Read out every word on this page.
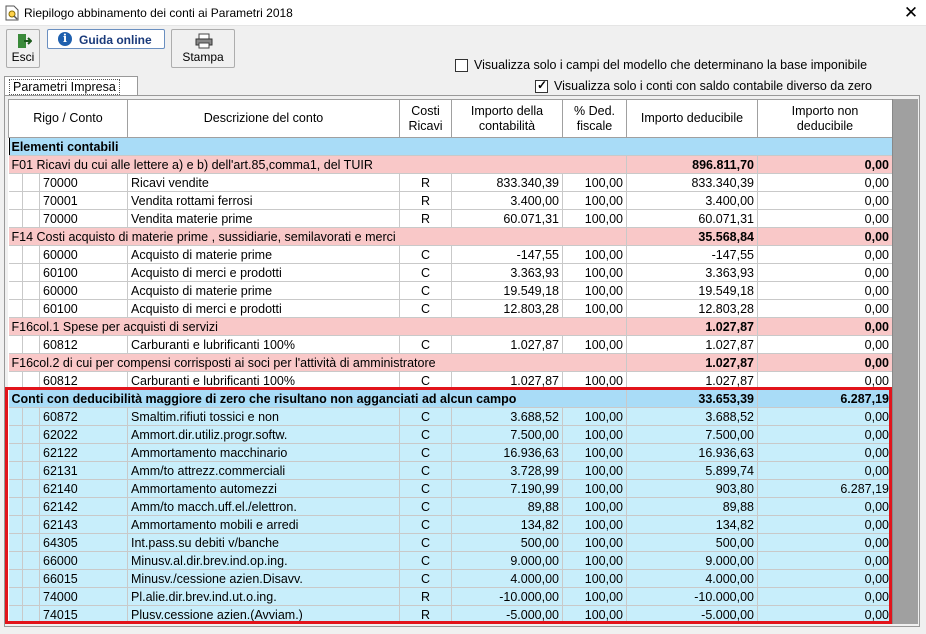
Riepilogo abbinamento dei conti ai Parametri 2018	✕
Esci
i Guida online
Stampa
Visualizza solo i campi del modello che determinano la base imponibile
✓ Visualizza solo i conti con saldo contabile diverso da zero
Parametri Impresa
Rigo / Conto			Descrizione del conto	Costi
Ricavi	Importo della
contabilità	% Ded.
fiscale	Importo deducibile	Importo non
deducibile
Elementi contabili								
F01 Ricavi du cui alle lettere a) e b) dell'art.85,comma1, del TUIR							896.811,70	0,00
		70000	Ricavi vendite	R	833.340,39	100,00	833.340,39	0,00
		70001	Vendita rottami ferrosi	R	3.400,00	100,00	3.400,00	0,00
		70000	Vendita materie prime	R	60.071,31	100,00	60.071,31	0,00
F14 Costi acquisto di materie prime , sussidiarie, semilavorati e merci							35.568,84	0,00
		60000	Acquisto di materie prime	C	-147,55	100,00	-147,55	0,00
		60100	Acquisto di merci e prodotti	C	3.363,93	100,00	3.363,93	0,00
		60000	Acquisto di materie prime	C	19.549,18	100,00	19.549,18	0,00
		60100	Acquisto di merci e prodotti	C	12.803,28	100,00	12.803,28	0,00
F16col.1 Spese per acquisti di servizi							1.027,87	0,00
		60812	Carburanti e lubrificanti 100%	C	1.027,87	100,00	1.027,87	0,00
F16col.2 di cui per compensi corrisposti ai soci per l'attività di amministratore							1.027,87	0,00
		60812	Carburanti e lubrificanti 100%	C	1.027,87	100,00	1.027,87	0,00
Conti con deducibilità maggiore di zero che risultano non agganciati ad alcun campo							33.653,39	6.287,19
		60872	Smaltim.rifiuti tossici e non	C	3.688,52	100,00	3.688,52	0,00
		62022	Ammort.dir.utiliz.progr.softw.	C	7.500,00	100,00	7.500,00	0,00
		62122	Ammortamento macchinario	C	16.936,63	100,00	16.936,63	0,00
		62131	Amm/to attrezz.commerciali	C	3.728,99	100,00	5.899,74	0,00
		62140	Ammortamento automezzi	C	7.190,99	100,00	903,80	6.287,19
		62142	Amm/to macch.uff.el./elettron.	C	89,88	100,00	89,88	0,00
		62143	Ammortamento mobili e arredi	C	134,82	100,00	134,82	0,00
		64305	Int.pass.su debiti v/banche	C	500,00	100,00	500,00	0,00
		66000	Minusv.al.dir.brev.ind.op.ing.	C	9.000,00	100,00	9.000,00	0,00
		66015	Minusv./cessione azien.Disavv.	C	4.000,00	100,00	4.000,00	0,00
		74000	Pl.alie.dir.brev.ind.ut.o.ing.	R	-10.000,00	100,00	-10.000,00	0,00
		74015	Plusv.cessione azien.(Avviam.)	R	-5.000,00	100,00	-5.000,00	0,00
